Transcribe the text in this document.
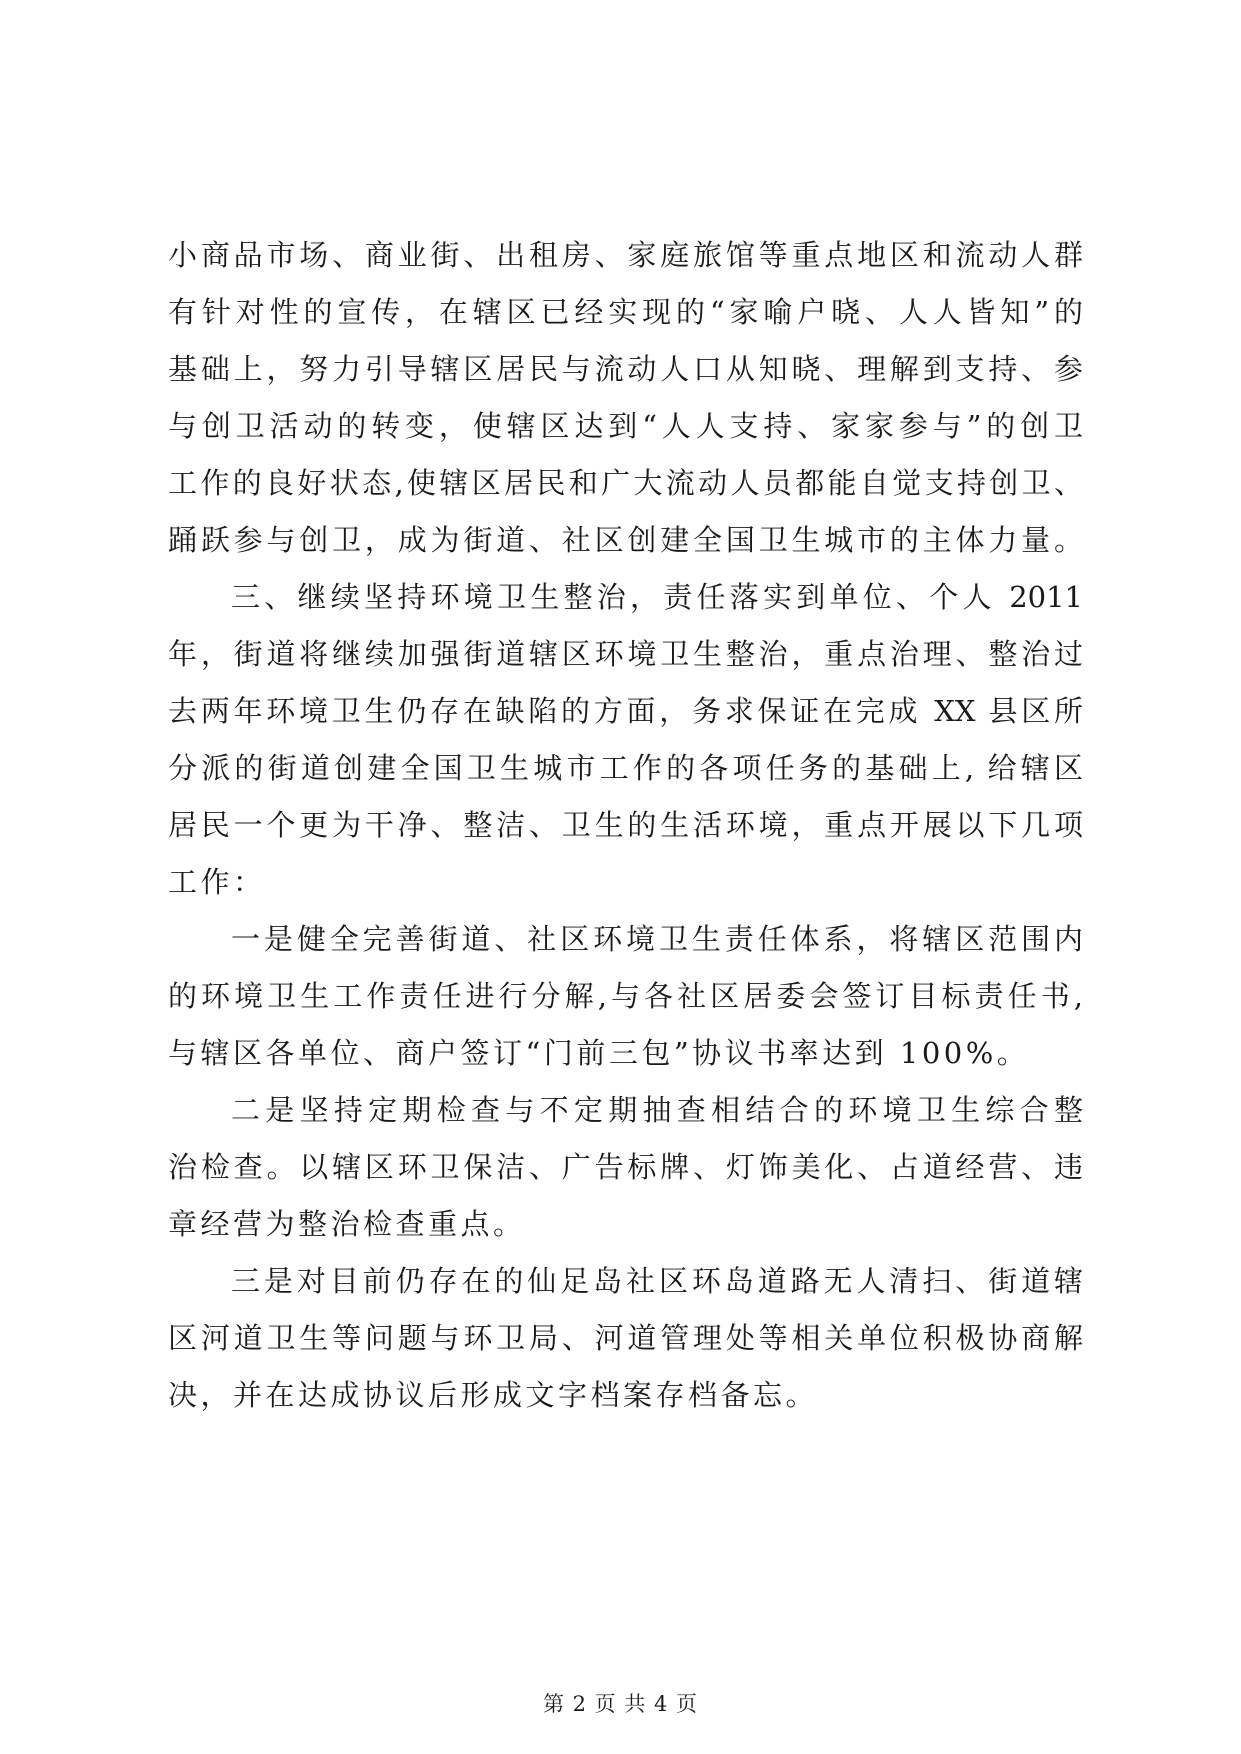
小商品市场、商业街、出租房、家庭旅馆等重点地区和流动人群
有针对性的宣传，在辖区已经实现的“家喻户晓、人人皆知”的
基础上，努力引导辖区居民与流动人口从知晓、理解到支持、参
与创卫活动的转变，使辖区达到“人人支持、家家参与”的创卫
工作的良好状态,使辖区居民和广大流动人员都能自觉支持创卫、
踊跃参与创卫，成为街道、社区创建全国卫生城市的主体力量。
三、继续坚持环境卫生整治，责任落实到单位、个人 2011
年，街道将继续加强街道辖区环境卫生整治，重点治理、整治过
去两年环境卫生仍存在缺陷的方面，务求保证在完成 XX 县区所
分派的街道创建全国卫生城市工作的各项任务的基础上, 给辖区
居民一个更为干净、整洁、卫生的生活环境，重点开展以下几项
工作：
一是健全完善街道、社区环境卫生责任体系，将辖区范围内
的环境卫生工作责任进行分解,与各社区居委会签订目标责任书,
与辖区各单位、商户签订“门前三包”协议书率达到 100%。
二是坚持定期检查与不定期抽查相结合的环境卫生综合整
治检查。以辖区环卫保洁、广告标牌、灯饰美化、占道经营、违
章经营为整治检查重点。
三是对目前仍存在的仙足岛社区环岛道路无人清扫、街道辖
区河道卫生等问题与环卫局、河道管理处等相关单位积极协商解
决，并在达成协议后形成文字档案存档备忘。
第 2 页 共 4 页
